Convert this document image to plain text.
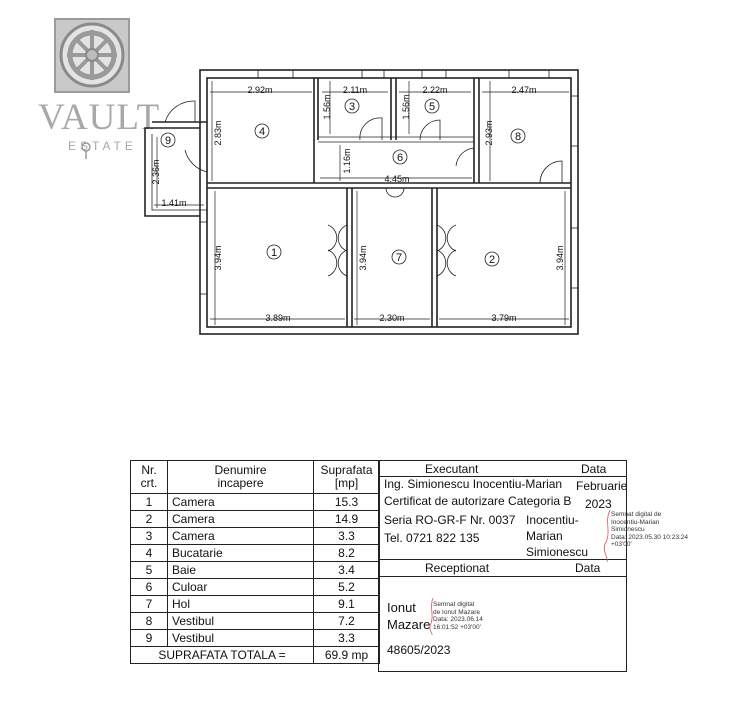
VAULT
ESTATE
2.92m	2.11m	2.22m	2.47m
2.83m
1.56m	1.56m
2.93m
1.16m
4.45m
2.36m
1.41m
3.94m	3.94m	3.94m
3.89m	2.30m	3.79m
1
2
3
4
5
6
7
8
9
Nr.
crt.	Denumire
incapere	Suprafata
[mp]
1	Camera	15.3
2	Camera	14.9
3	Camera	3.3
4	Bucatarie	8.2
5	Baie	3.4
6	Culoar	5.2
7	Hol	9.1
8	Vestibul	7.2
9	Vestibul	3.3
SUPRAFATA TOTALA =		69.9 mp
Executant	Data
Ing. Simionescu Inocentiu-Marian
Certificat de autorizare Categoria B
Seria RO-GR-F Nr. 0037
Tel. 0721 822 135
Februarie
2023
Inocentiu-
Marian
Simionescu
Receptionat	Data
Ionut
Mazare
Semnat digital
de Ionut Mazare
Data: 2023.06.14
16:01:52 +03'00'
48605/2023
Semnat digital de
Inocentiu-Marian
Simionescu
Data: 2023.05.30 10:23:24
+03'00'
